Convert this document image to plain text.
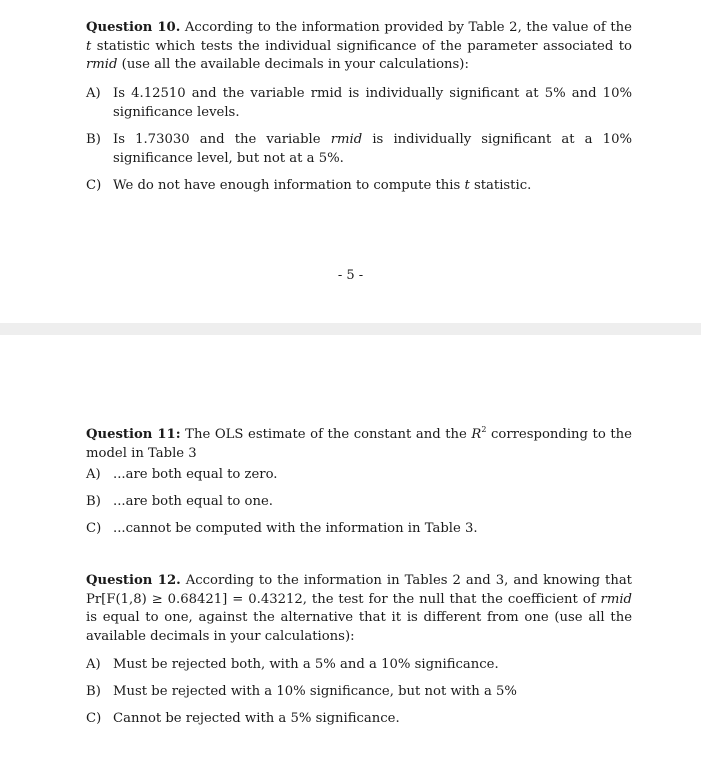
Question 10. According to the information provided by Table 2, the value of the t statistic which tests the individual significance of the parameter associated to rmid (use all the available decimals in your calculations):
A) Is 4.12510 and the variable rmid is individually significant at 5% and 10% significance levels.
B) Is 1.73030 and the variable rmid is individually significant at a 10% significance level, but not at a 5%.
C) We do not have enough information to compute this t statistic.
- 5 -
Question 11: The OLS estimate of the constant and the $R^2$ corresponding to the model in Table 3
A) ...are both equal to zero.
B) ...are both equal to one.
C) ...cannot be computed with the information in Table 3.
Question 12. According to the information in Tables 2 and 3, and knowing that Pr[F(1,8) ≥ 0.68421] = 0.43212, the test for the null that the coefficient of rmid is equal to one, against the alternative that it is different from one (use all the available decimals in your calculations):
A) Must be rejected both, with a 5% and a 10% significance.
B) Must be rejected with a 10% significance, but not with a 5%
C) Cannot be rejected with a 5% significance.
